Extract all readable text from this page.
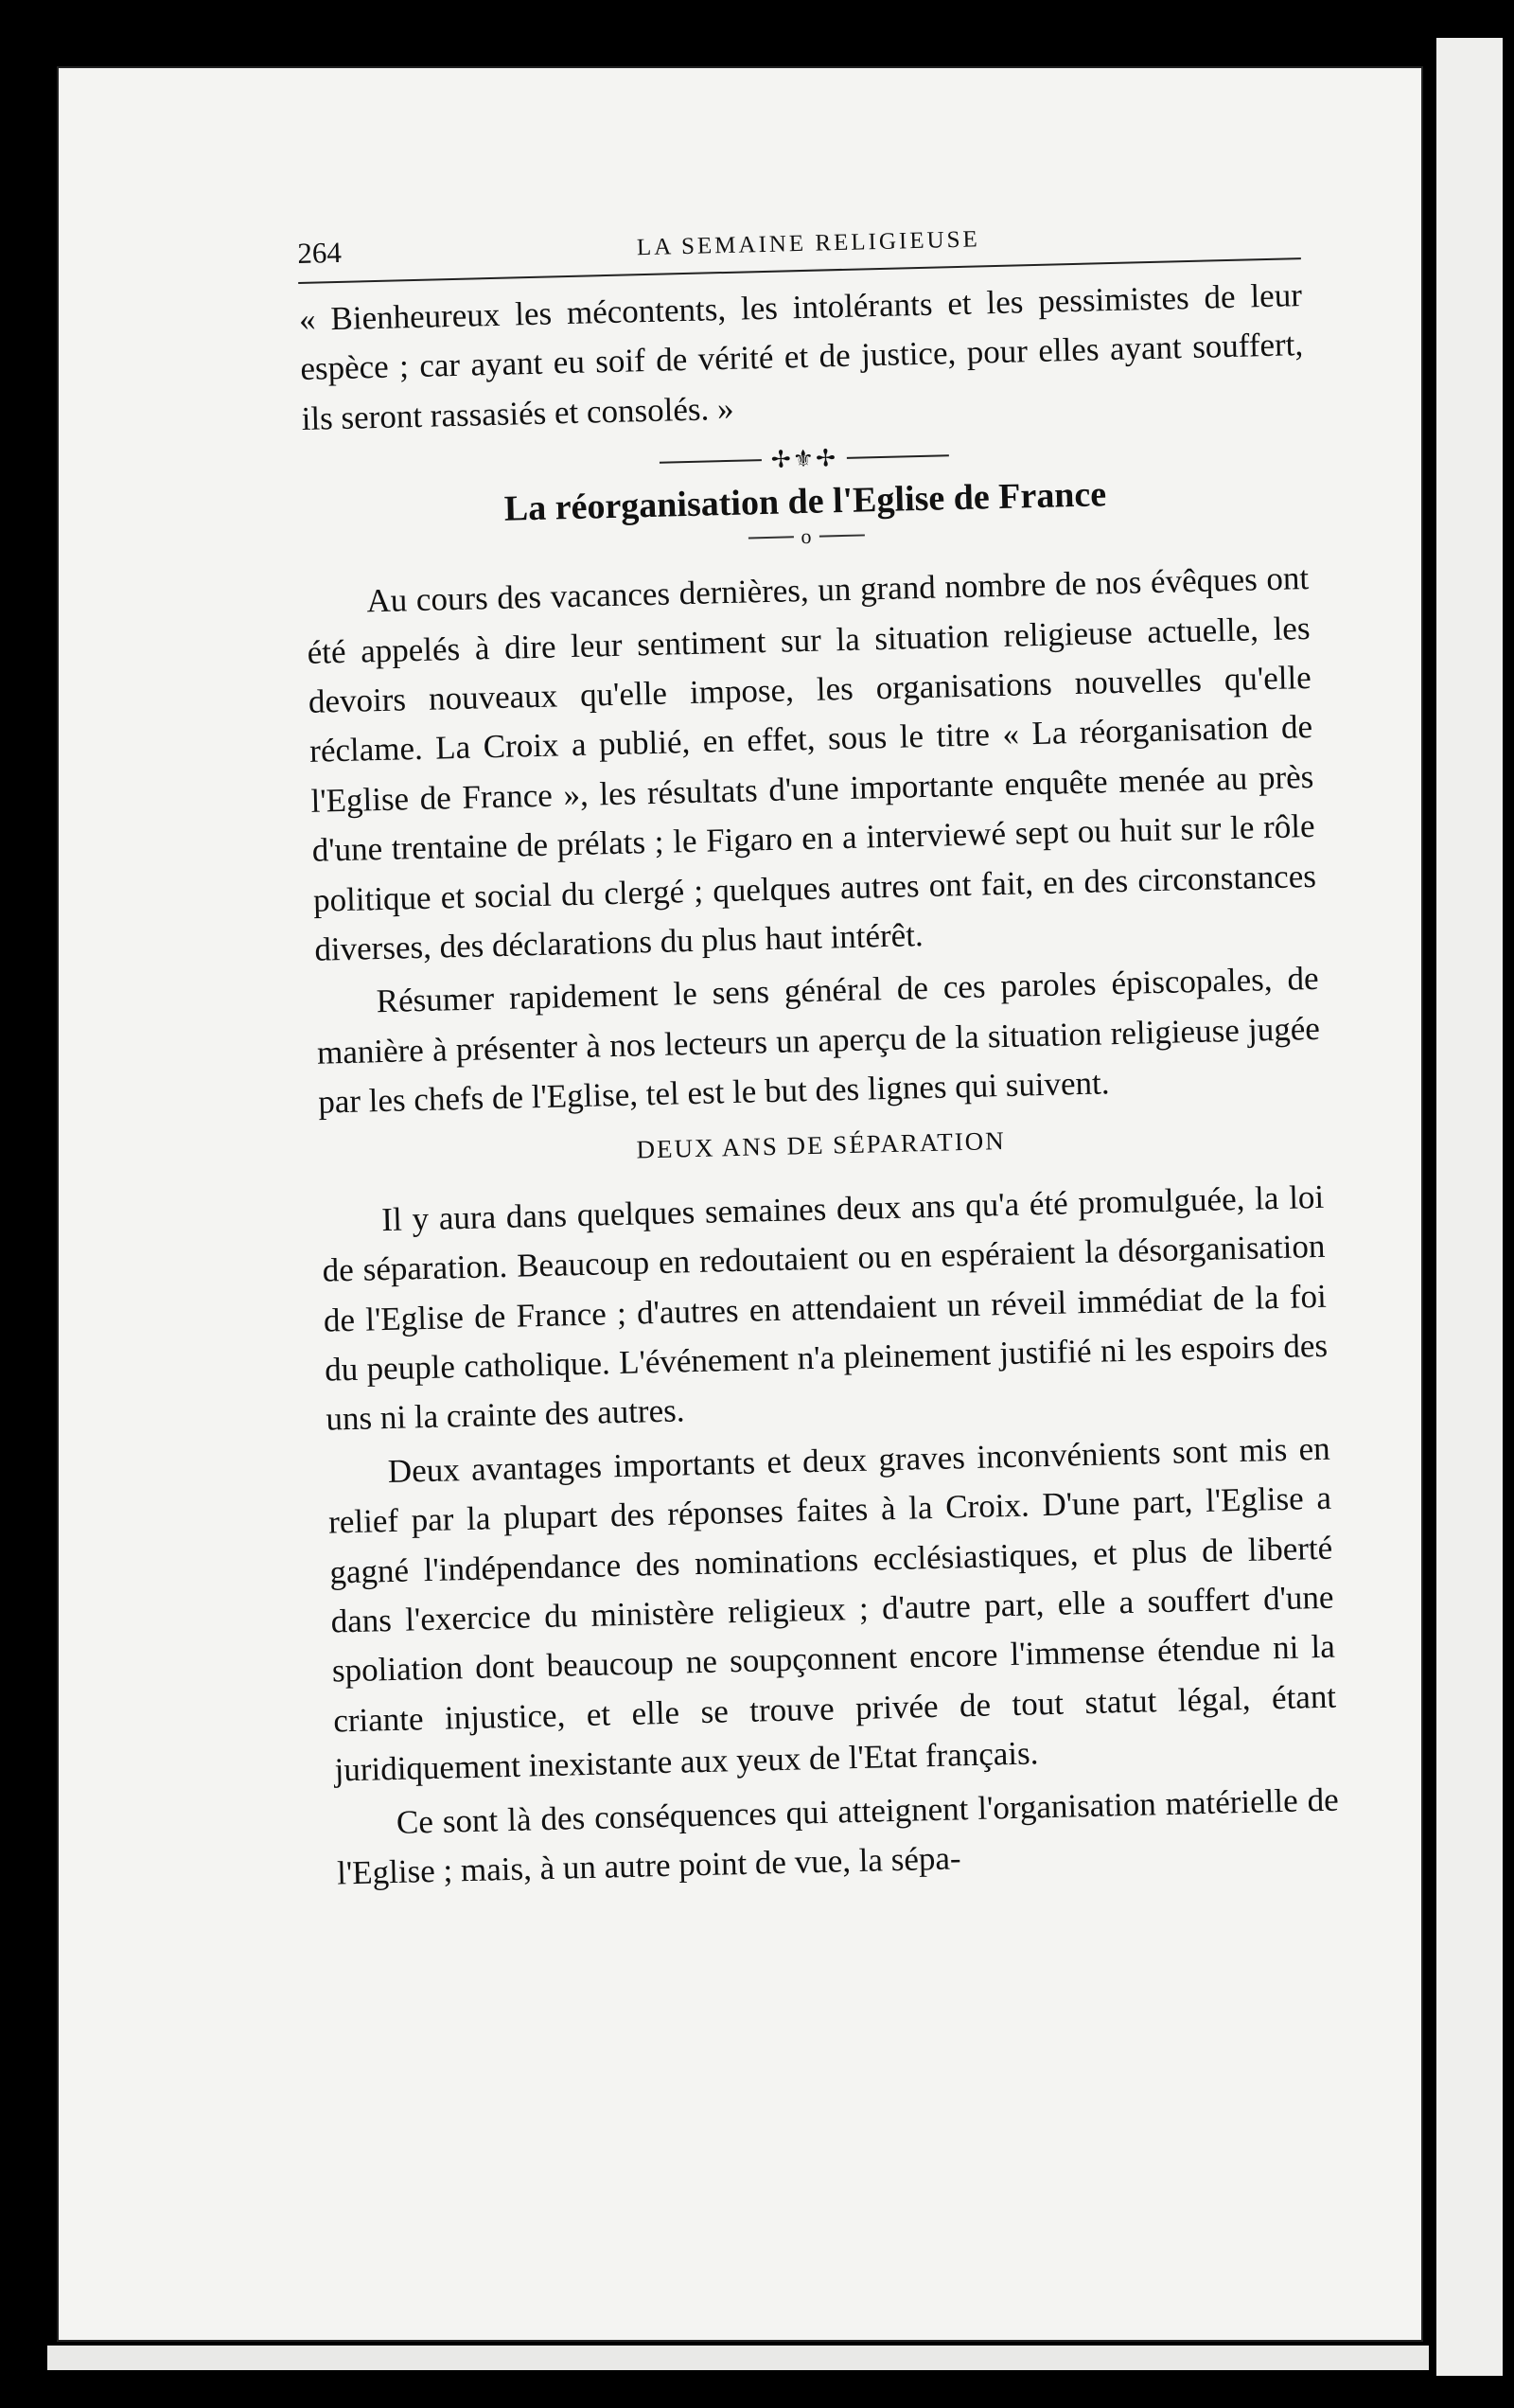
264	LA SEMAINE RELIGIEUSE

« Bienheureux les mécontents, les intolérants et les pessimistes de leur espèce ; car ayant eu soif de vérité et de justice, pour elles ayant souffert, ils seront rassasiés et consolés. »

✢⚜✢
La réorganisation de l'Eglise de France
o

Au cours des vacances dernières, un grand nombre de nos évêques ont été appelés à dire leur sentiment sur la situation religieuse actuelle, les devoirs nouveaux qu'elle impose, les organisations nouvelles qu'elle réclame. La Croix a publié, en effet, sous le titre « La réorganisation de l'Eglise de France », les résultats d'une importante enquête menée au près d'une trentaine de prélats ; le Figaro en a interviewé sept ou huit sur le rôle politique et social du clergé ; quelques autres ont fait, en des circonstances diverses, des déclarations du plus haut intérêt.

Résumer rapidement le sens général de ces paroles épiscopales, de manière à présenter à nos lecteurs un aperçu de la situation religieuse jugée par les chefs de l'Eglise, tel est le but des lignes qui suivent.

DEUX ANS DE SÉPARATION

Il y aura dans quelques semaines deux ans qu'a été promulguée, la loi de séparation. Beaucoup en redoutaient ou en espéraient la désorganisation de l'Eglise de France ; d'autres en attendaient un réveil immédiat de la foi du peuple catholique. L'événement n'a pleinement justifié ni les espoirs des uns ni la crainte des autres.

Deux avantages importants et deux graves inconvénients sont mis en relief par la plupart des réponses faites à la Croix. D'une part, l'Eglise a gagné l'indépendance des nominations ecclésiastiques, et plus de liberté dans l'exercice du ministère religieux ; d'autre part, elle a souffert d'une spoliation dont beaucoup ne soupçonnent encore l'immense étendue ni la criante injustice, et elle se trouve privée de tout statut légal, étant juridiquement inexistante aux yeux de l'Etat français.

Ce sont là des conséquences qui atteignent l'organisation matérielle de l'Eglise ; mais, à un autre point de vue, la sépa-
